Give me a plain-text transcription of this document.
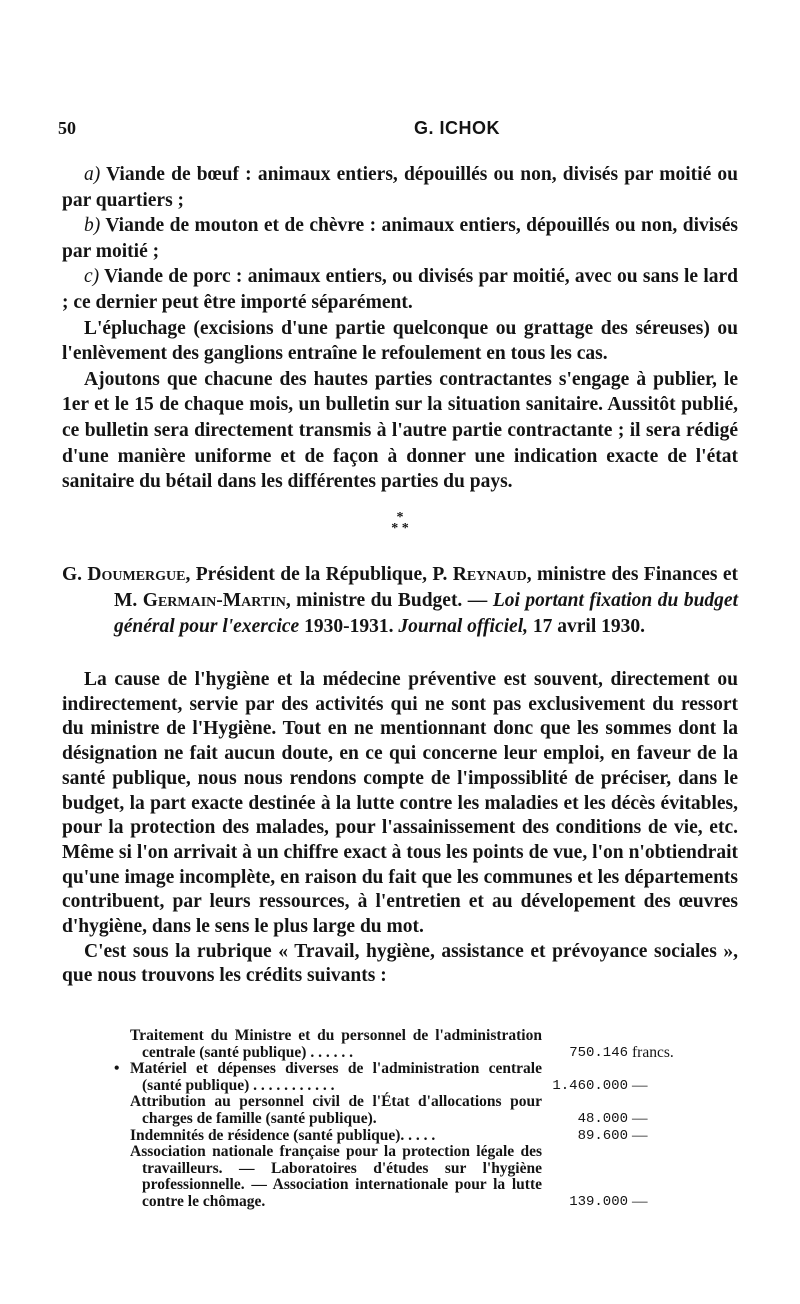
50	G. ICHOK

a) Viande de bœuf : animaux entiers, dépouillés ou non, divisés par moitié ou par quartiers ;

b) Viande de mouton et de chèvre : animaux entiers, dépouillés ou non, divisés par moitié ;

c) Viande de porc : animaux entiers, ou divisés par moitié, avec ou sans le lard ; ce dernier peut être importé séparément.

L'épluchage (excisions d'une partie quelconque ou grattage des séreuses) ou l'enlèvement des ganglions entraîne le refoulement en tous les cas.

Ajoutons que chacune des hautes parties contractantes s'engage à publier, le 1er et le 15 de chaque mois, un bulletin sur la situation sanitaire. Aussitôt publié, ce bulletin sera directement transmis à l'autre partie contractante ; il sera rédigé d'une manière uniforme et de façon à donner une indication exacte de l'état sanitaire du bétail dans les différentes parties du pays.

*
* *
G. Doumergue, Président de la République, P. Reynaud, ministre des Finances et M. Germain-Martin, ministre du Budget. — Loi portant fixation du budget général pour l'exercice 1930-1931. Journal officiel, 17 avril 1930.

La cause de l'hygiène et la médecine préventive est souvent, directement ou indirectement, servie par des activités qui ne sont pas exclusivement du ressort du ministre de l'Hygiène. Tout en ne mentionnant donc que les sommes dont la désignation ne fait aucun doute, en ce qui concerne leur emploi, en faveur de la santé publique, nous nous rendons compte de l'impossiblité de préciser, dans le budget, la part exacte destinée à la lutte contre les maladies et les décès évitables, pour la protection des malades, pour l'assainissement des conditions de vie, etc. Même si l'on arrivait à un chiffre exact à tous les points de vue, l'on n'obtiendrait qu'une image incomplète, en raison du fait que les communes et les départements contribuent, par leurs ressources, à l'entretien et au dévelopement des œuvres d'hygiène, dans le sens le plus large du mot.

C'est sous la rubrique « Travail, hygiène, assistance et prévoyance sociales », que nous trouvons les crédits suivants :

Traitement du Ministre et du personnel de l'administration centrale (santé publique) . . . . . .	750.146 francs.
• Matériel et dépenses diverses de l'administration centrale (santé publique) . . . . . . . . . . .	1.460.000 —
Attribution au personnel civil de l'État d'allocations pour charges de famille (santé publique).	48.000 —
Indemnités de résidence (santé publique). . . . .	89.600 —
Association nationale française pour la protection légale des travailleurs. — Laboratoires d'études sur l'hygiène professionnelle. — Association internationale pour la lutte contre le chômage.	139.000 —
